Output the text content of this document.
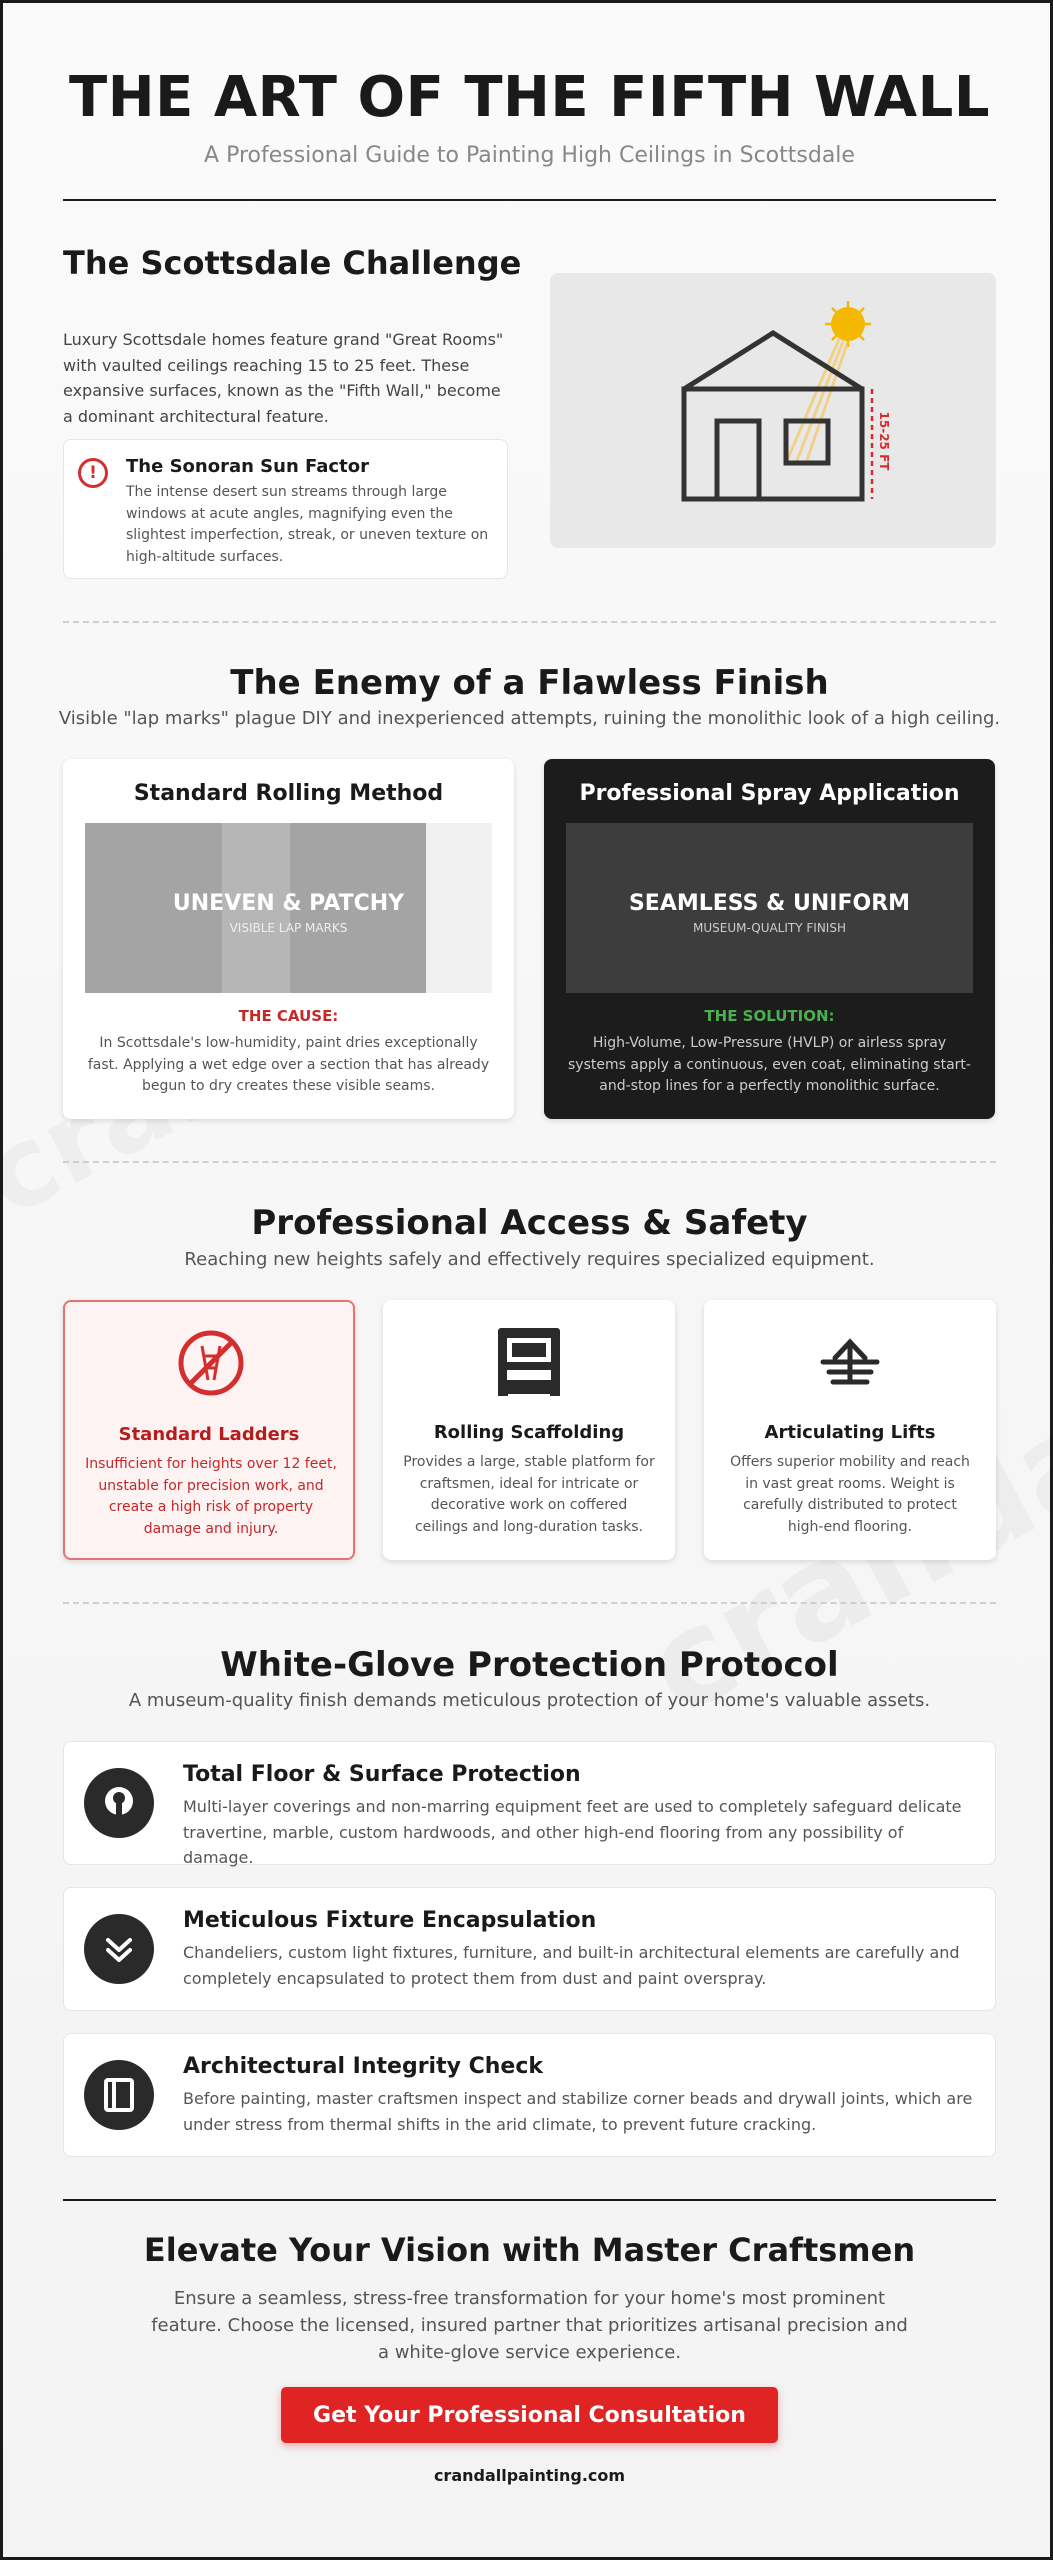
THE ART OF THE FIFTH WALL
A Professional Guide to Painting High Ceilings in Scottsdale
The Scottsdale Challenge

Luxury Scottsdale homes feature grand "Great Rooms" with vaulted ceilings reaching 15 to 25 feet. These expansive surfaces, known as the "Fifth Wall," become a dominant architectural feature.

!	The Sonoran Sun Factor
The intense desert sun streams through large windows at acute angles, magnifying even the slightest imperfection, streak, or uneven texture on high-altitude surfaces.
15-25 FT
The Enemy of a Flawless Finish
Visible "lap marks" plague DIY and inexperienced attempts, ruining the monolithic look of a high ceiling.
Standard Rolling Method
UNEVEN & PATCHY
VISIBLE LAP MARKS
THE CAUSE:
In Scottsdale's low-humidity, paint dries exceptionally fast. Applying a wet edge over a section that has already begun to dry creates these visible seams.
Professional Spray Application
SEAMLESS & UNIFORM
MUSEUM-QUALITY FINISH
THE SOLUTION:
High-Volume, Low-Pressure (HVLP) or airless spray systems apply a continuous, even coat, eliminating start-and-stop lines for a perfectly monolithic surface.
Professional Access & Safety
Reaching new heights safely and effectively requires specialized equipment.
Standard Ladders
Insufficient for heights over 12 feet, unstable for precision work, and create a high risk of property damage and injury.
Rolling Scaffolding
Provides a large, stable platform for craftsmen, ideal for intricate or decorative work on coffered ceilings and long-duration tasks.
Articulating Lifts
Offers superior mobility and reach in vast great rooms. Weight is carefully distributed to protect high-end flooring.
White-Glove Protection Protocol
A museum-quality finish demands meticulous protection of your home's valuable assets.
Total Floor & Surface Protection
Multi-layer coverings and non-marring equipment feet are used to completely safeguard delicate travertine, marble, custom hardwoods, and other high-end flooring from any possibility of damage.
Meticulous Fixture Encapsulation
Chandeliers, custom light fixtures, furniture, and built-in architectural elements are carefully and completely encapsulated to protect them from dust and paint overspray.
Architectural Integrity Check
Before painting, master craftsmen inspect and stabilize corner beads and drywall joints, which are under stress from thermal shifts in the arid climate, to prevent future cracking.
Elevate Your Vision with Master Craftsmen

Ensure a seamless, stress-free transformation for your home's most prominent feature. Choose the licensed, insured partner that prioritizes artisanal precision and a white-glove service experience.

Get Your Professional Consultation
crandallpainting.com
